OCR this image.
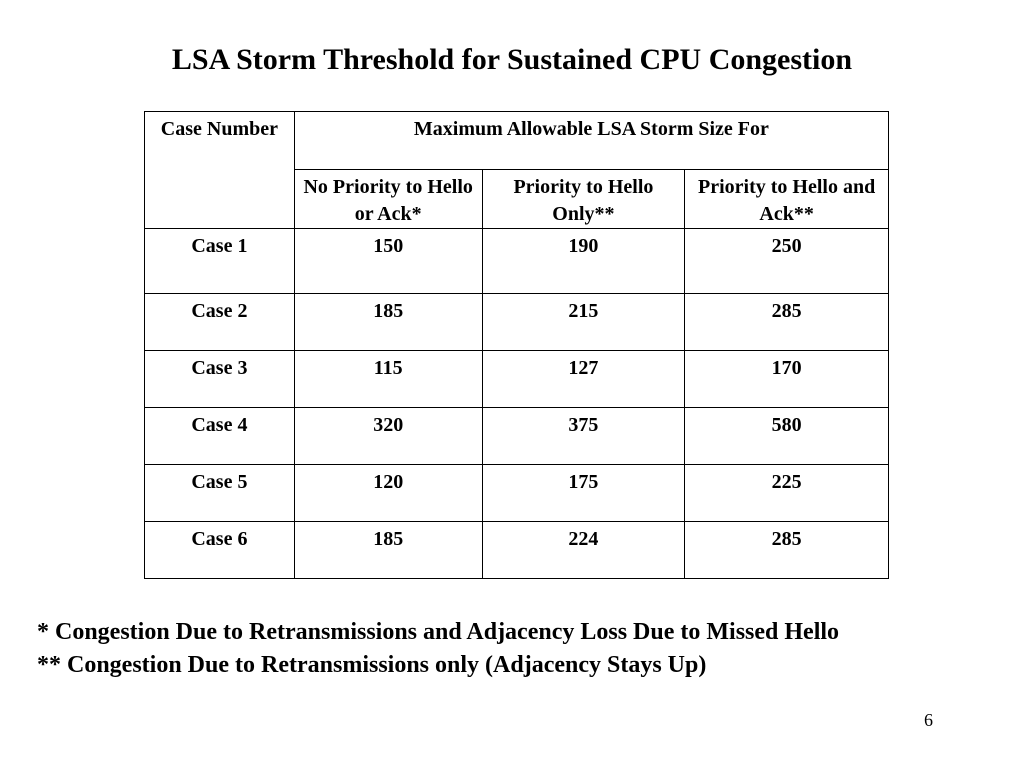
LSA Storm Threshold for Sustained CPU Congestion
Case Number	Maximum Allowable LSA Storm Size For		
	No Priority to Hello or Ack*	Priority to Hello Only**	Priority to Hello and Ack**
Case 1	150	190	250
Case 2	185	215	285
Case 3	115	127	170
Case 4	320	375	580
Case 5	120	175	225
Case 6	185	224	285
* Congestion Due to Retransmissions and Adjacency Loss Due to Missed Hello
** Congestion Due to Retransmissions only (Adjacency Stays Up)
6
